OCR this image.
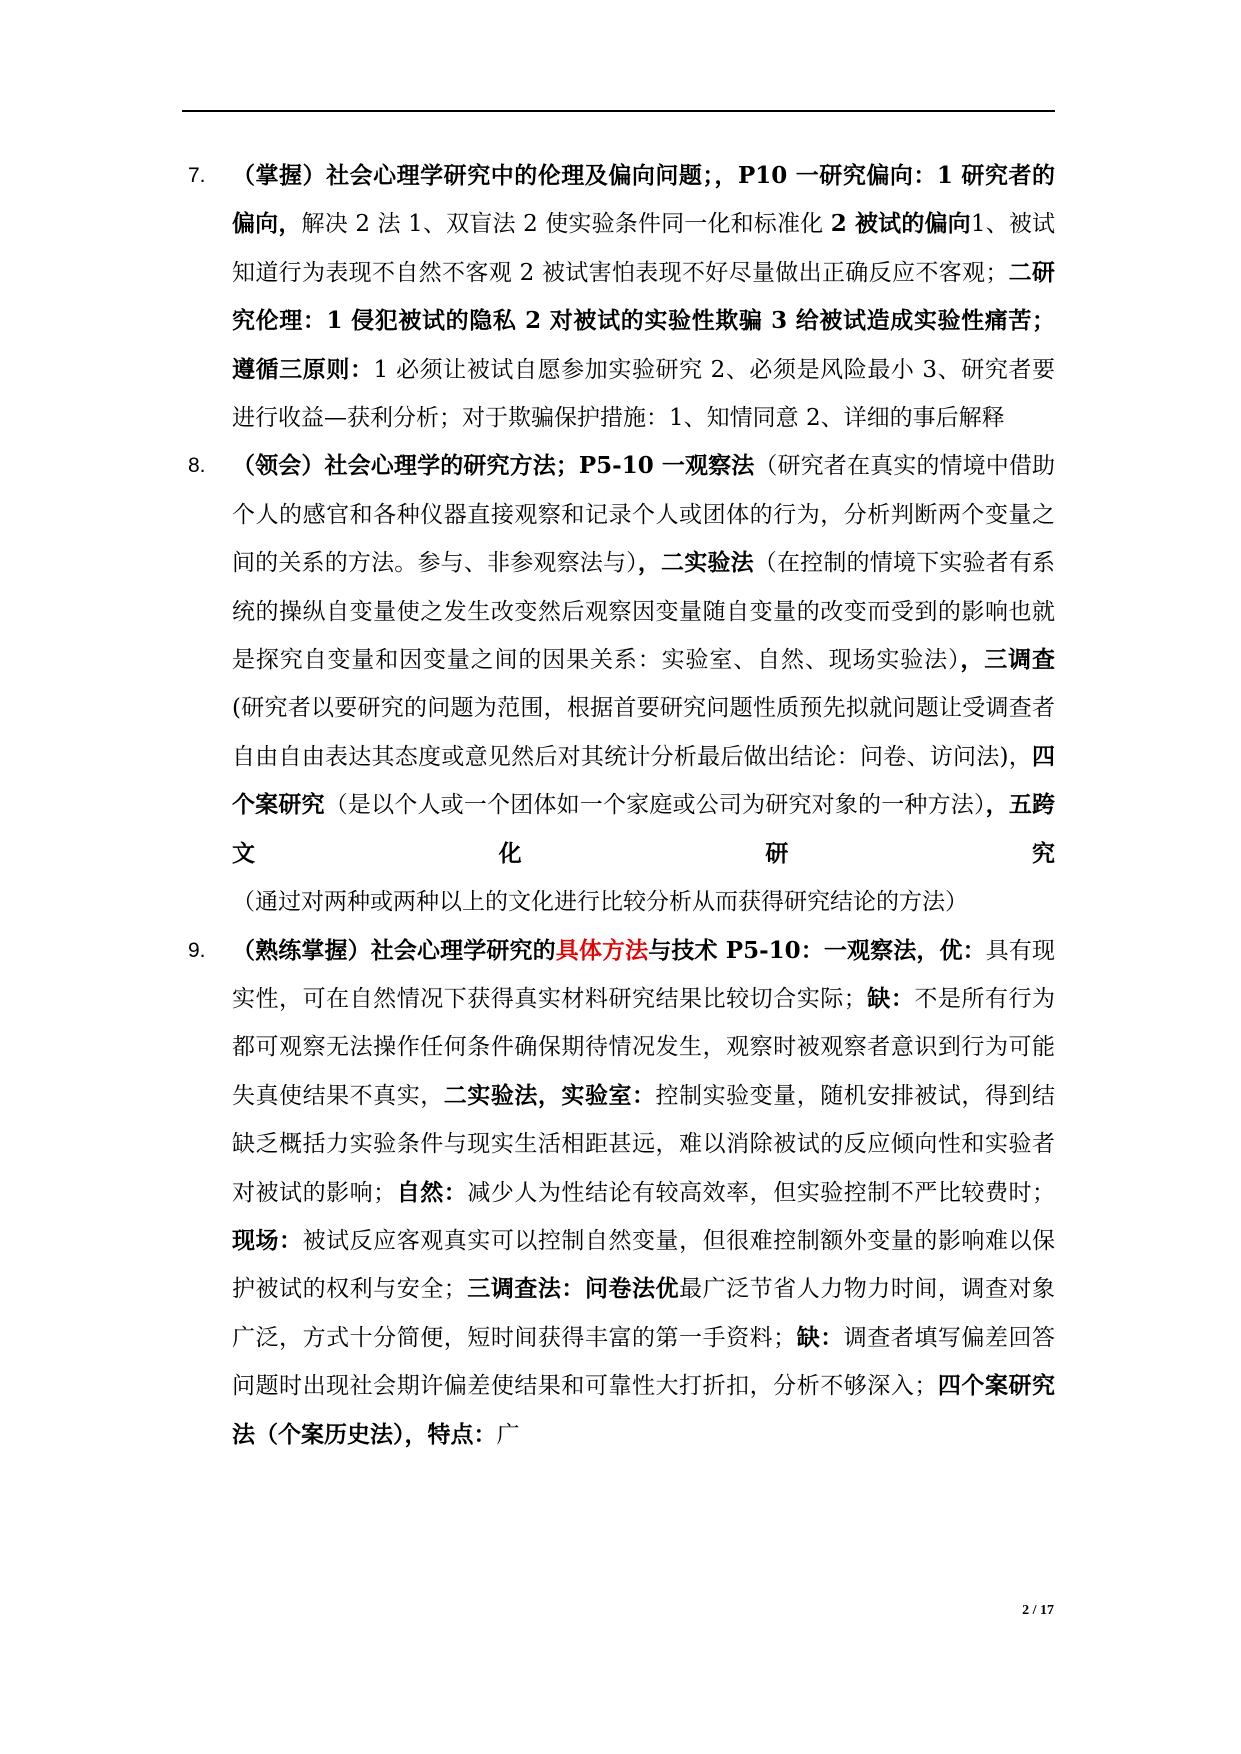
7. （掌握）社会心理学研究中的伦理及偏向问题；，P10 一研究偏向：1 研究者的偏向，解决 2 法 1、双盲法 2 使实验条件同一化和标准化 2 被试的偏向1、被试知道行为表现不自然不客观 2 被试害怕表现不好尽量做出正确反应不客观；二研究伦理：1 侵犯被试的隐私 2 对被试的实验性欺骗 3 给被试造成实验性痛苦；遵循三原则：1 必须让被试自愿参加实验研究 2、必须是风险最小 3、研究者要进行收益—获利分析；对于欺骗保护措施：1、知情同意 2、详细的事后解释
8. （领会）社会心理学的研究方法；P5-10 一观察法（研究者在真实的情境中借助个人的感官和各种仪器直接观察和记录个人或团体的行为，分析判断两个变量之间的关系的方法。参与、非参观察法与），二实验法（在控制的情境下实验者有系统的操纵自变量使之发生改变然后观察因变量随自变量的改变而受到的影响也就是探究自变量和因变量之间的因果关系：实验室、自然、现场实验法），三调查(研究者以要研究的问题为范围，根据首要研究问题性质预先拟就问题让受调查者自由自由表达其态度或意见然后对其统计分析最后做出结论：问卷、访问法)，四个案研究（是以个人或一个团体如一个家庭或公司为研究对象的一种方法），五跨文化研究（通过对两种或两种以上的文化进行比较分析从而获得研究结论的方法）
9. （熟练掌握）社会心理学研究的具体方法与技术 P5-10：一观察法，优：具有现实性，可在自然情况下获得真实材料研究结果比较切合实际；缺：不是所有行为都可观察无法操作任何条件确保期待情况发生，观察时被观察者意识到行为可能失真使结果不真实，二实验法，实验室：控制实验变量，随机安排被试，得到结缺乏概括力实验条件与现实生活相距甚远，难以消除被试的反应倾向性和实验者对被试的影响；自然：减少人为性结论有较高效率，但实验控制不严比较费时；现场：被试反应客观真实可以控制自然变量，但很难控制额外变量的影响难以保护被试的权利与安全；三调查法：问卷法优最广泛节省人力物力时间，调查对象广泛，方式十分简便，短时间获得丰富的第一手资料；缺：调查者填写偏差回答问题时出现社会期许偏差使结果和可靠性大打折扣，分析不够深入；四个案研究法（个案历史法），特点：广
2 / 17
